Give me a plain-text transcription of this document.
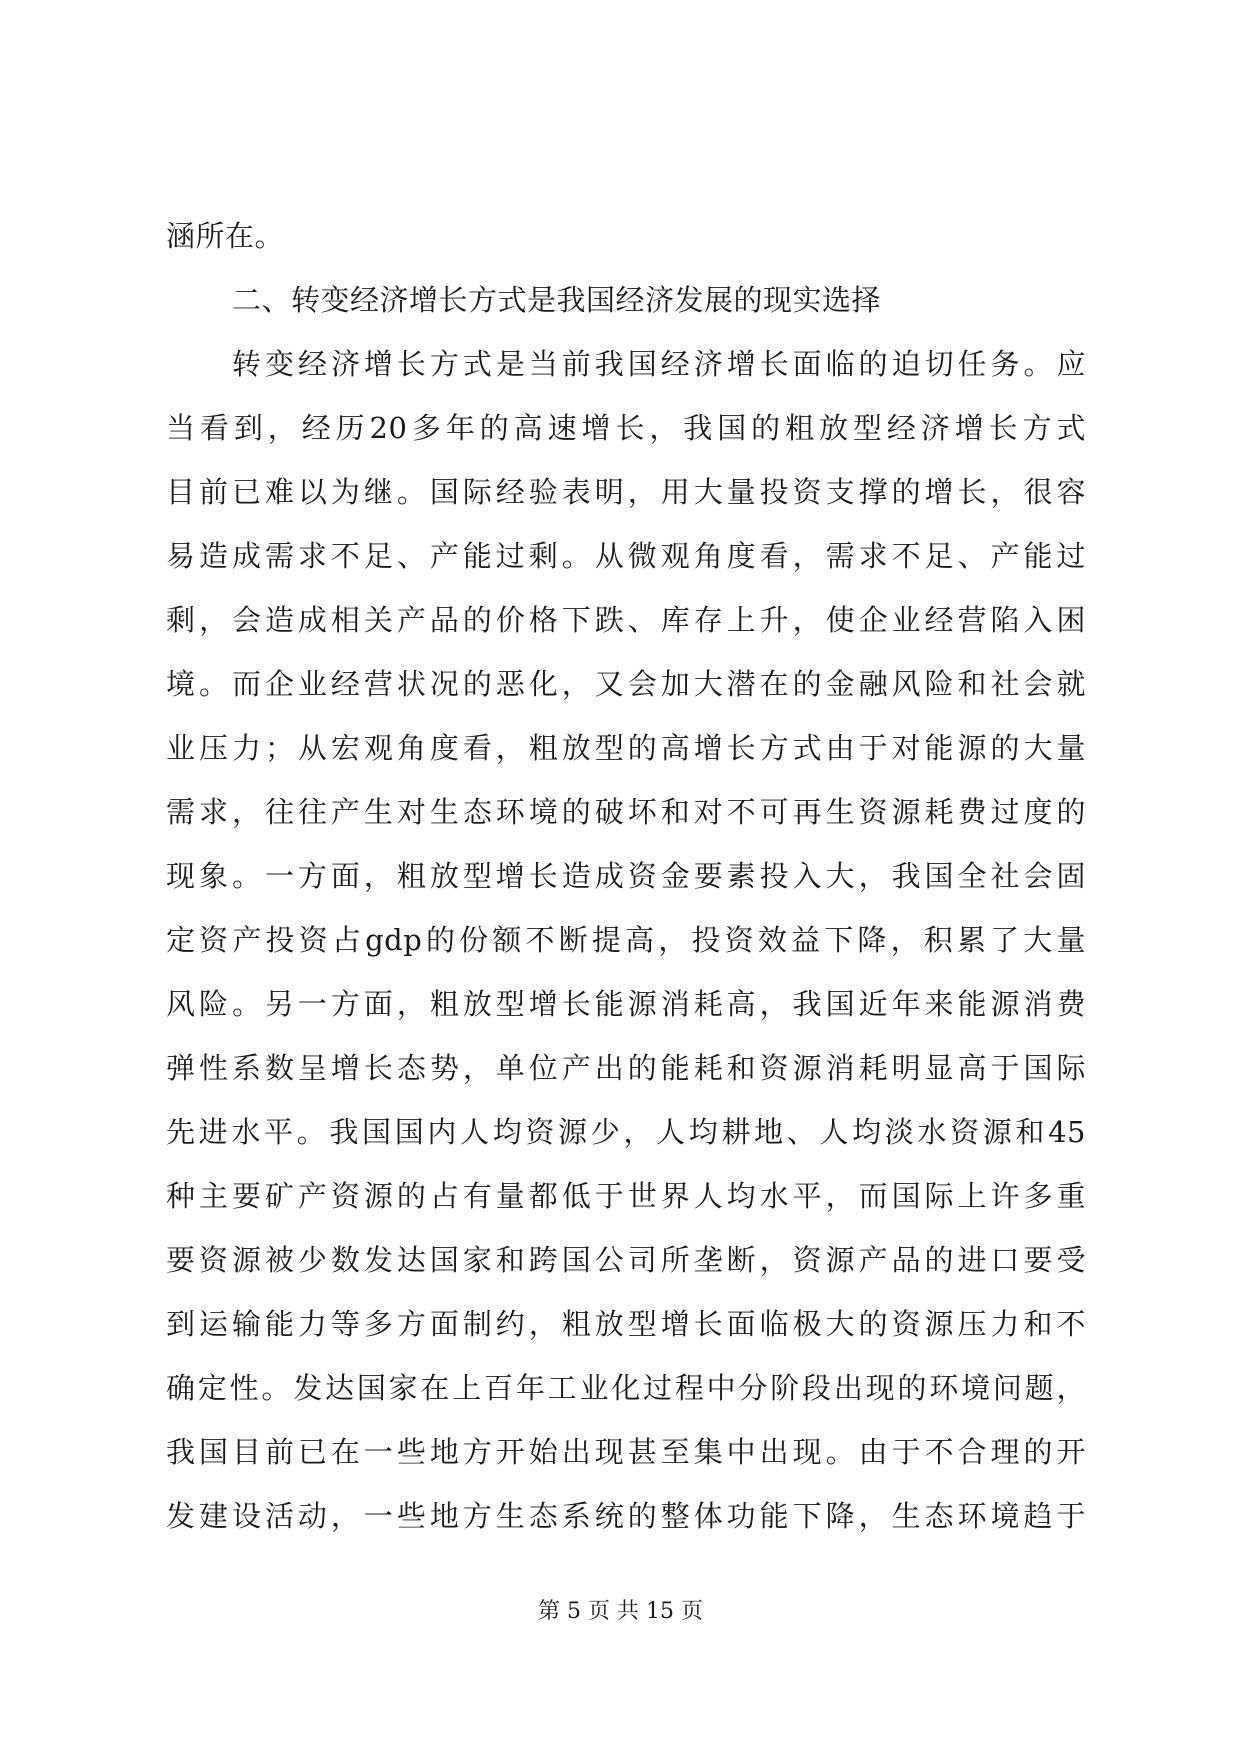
涵所在。
二、转变经济增长方式是我国经济发展的现实选择
转变经济增长方式是当前我国经济增长面临的迫切任务。应
当看到，经历20多年的高速增长，我国的粗放型经济增长方式
目前已难以为继。国际经验表明，用大量投资支撑的增长，很容
易造成需求不足、产能过剩。从微观角度看，需求不足、产能过
剩，会造成相关产品的价格下跌、库存上升，使企业经营陷入困
境。而企业经营状况的恶化，又会加大潜在的金融风险和社会就
业压力；从宏观角度看，粗放型的高增长方式由于对能源的大量
需求，往往产生对生态环境的破坏和对不可再生资源耗费过度的
现象。一方面，粗放型增长造成资金要素投入大，我国全社会固
定资产投资占gdp的份额不断提高，投资效益下降，积累了大量
风险。另一方面，粗放型增长能源消耗高，我国近年来能源消费
弹性系数呈增长态势，单位产出的能耗和资源消耗明显高于国际
先进水平。我国国内人均资源少，人均耕地、人均淡水资源和45
种主要矿产资源的占有量都低于世界人均水平，而国际上许多重
要资源被少数发达国家和跨国公司所垄断，资源产品的进口要受
到运输能力等多方面制约，粗放型增长面临极大的资源压力和不
确定性。发达国家在上百年工业化过程中分阶段出现的环境问题，
我国目前已在一些地方开始出现甚至集中出现。由于不合理的开
发建设活动，一些地方生态系统的整体功能下降，生态环境趋于
第 5 页 共 15 页
